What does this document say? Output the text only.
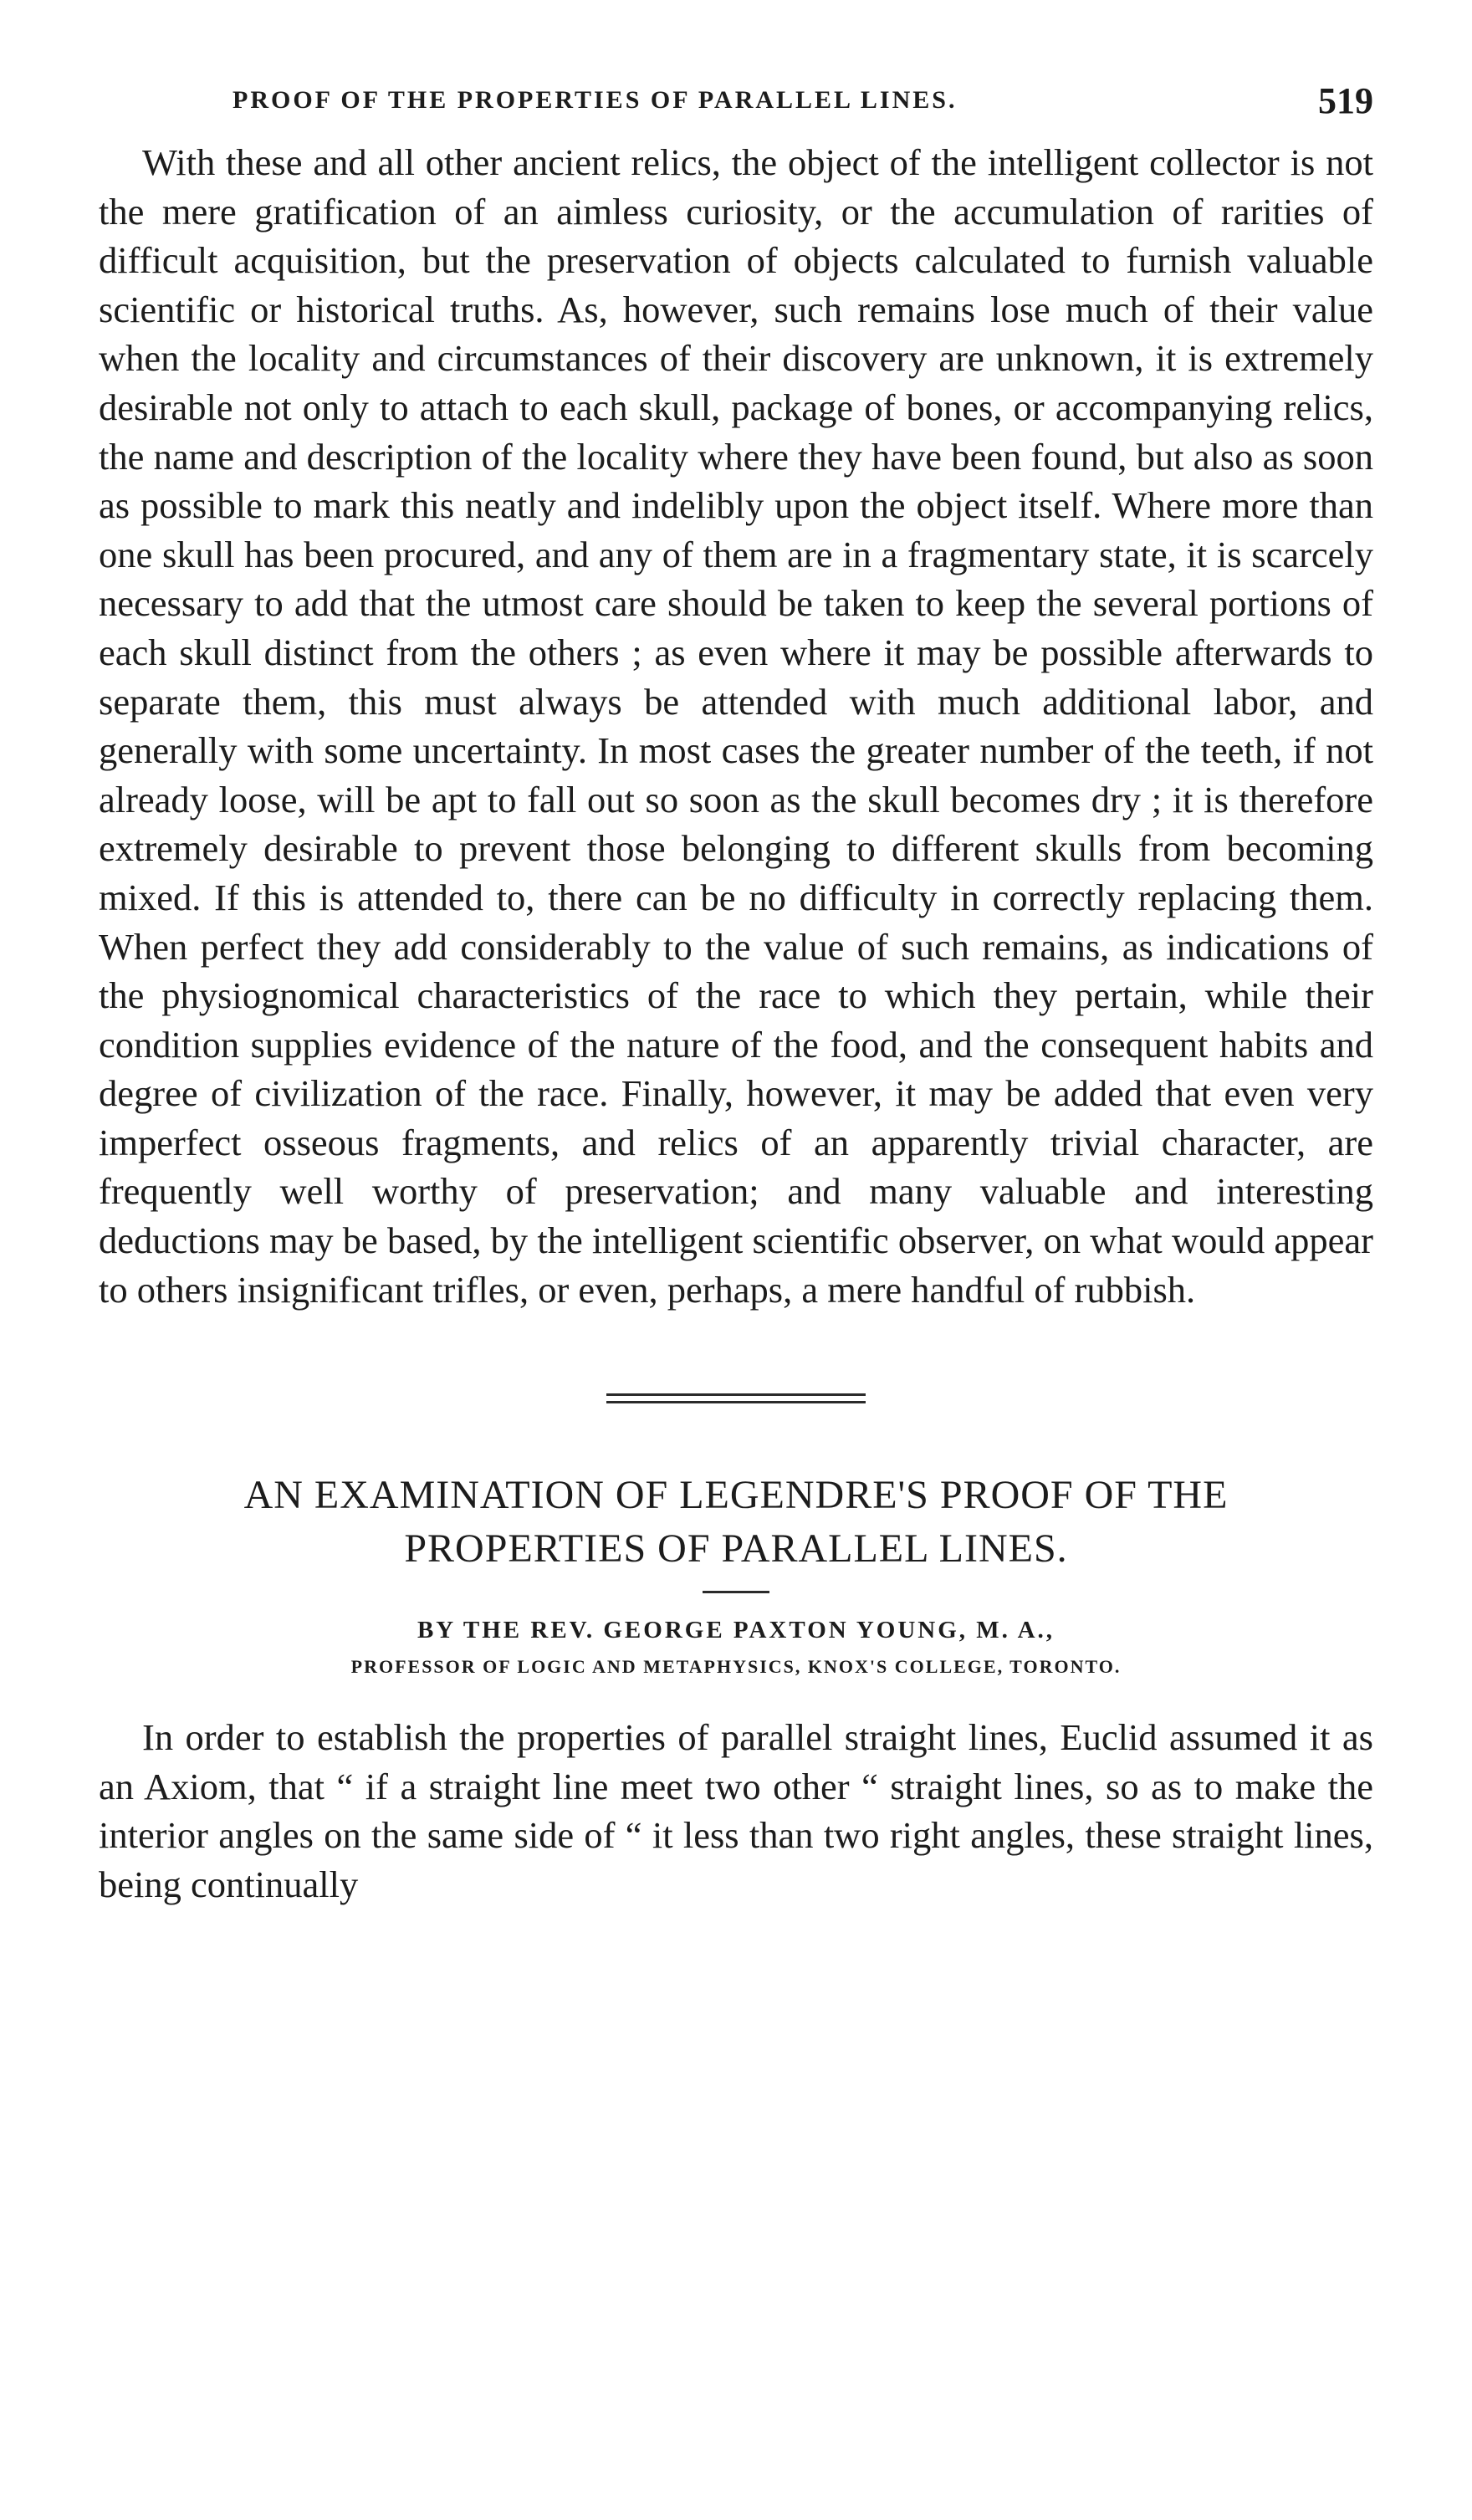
PROOF OF THE PROPERTIES OF PARALLEL LINES.	519

With these and all other ancient relics, the object of the intelligent collector is not the mere gratification of an aimless curiosity, or the accumulation of rarities of difficult acquisition, but the preservation of objects calculated to furnish valuable scientific or historical truths. As, however, such remains lose much of their value when the locality and circumstances of their discovery are unknown, it is extremely desirable not only to attach to each skull, package of bones, or accompanying relics, the name and description of the locality where they have been found, but also as soon as possible to mark this neatly and indelibly upon the object itself. Where more than one skull has been procured, and any of them are in a fragmentary state, it is scarcely necessary to add that the utmost care should be taken to keep the several portions of each skull distinct from the others ; as even where it may be possible afterwards to separate them, this must always be attended with much additional labor, and generally with some uncertainty. In most cases the greater number of the teeth, if not already loose, will be apt to fall out so soon as the skull becomes dry ; it is therefore extremely desirable to prevent those belonging to different skulls from becoming mixed. If this is attended to, there can be no difficulty in correctly replacing them. When perfect they add considerably to the value of such remains, as indications of the physiognomical characteristics of the race to which they pertain, while their condition supplies evidence of the nature of the food, and the consequent habits and degree of civilization of the race. Finally, however, it may be added that even very imperfect osseous fragments, and relics of an apparently trivial character, are frequently well worthy of preservation; and many valuable and interesting deductions may be based, by the intelligent scientific observer, on what would appear to others insignificant trifles, or even, perhaps, a mere handful of rubbish.

AN EXAMINATION OF LEGENDRE'S PROOF OF THE
PROPERTIES OF PARALLEL LINES.
BY THE REV. GEORGE PAXTON YOUNG, M. A.,
PROFESSOR OF LOGIC AND METAPHYSICS, KNOX'S COLLEGE, TORONTO.

In order to establish the properties of parallel straight lines, Euclid assumed it as an Axiom, that “ if a straight line meet two other “ straight lines, so as to make the interior angles on the same side of “ it less than two right angles, these straight lines, being continually
